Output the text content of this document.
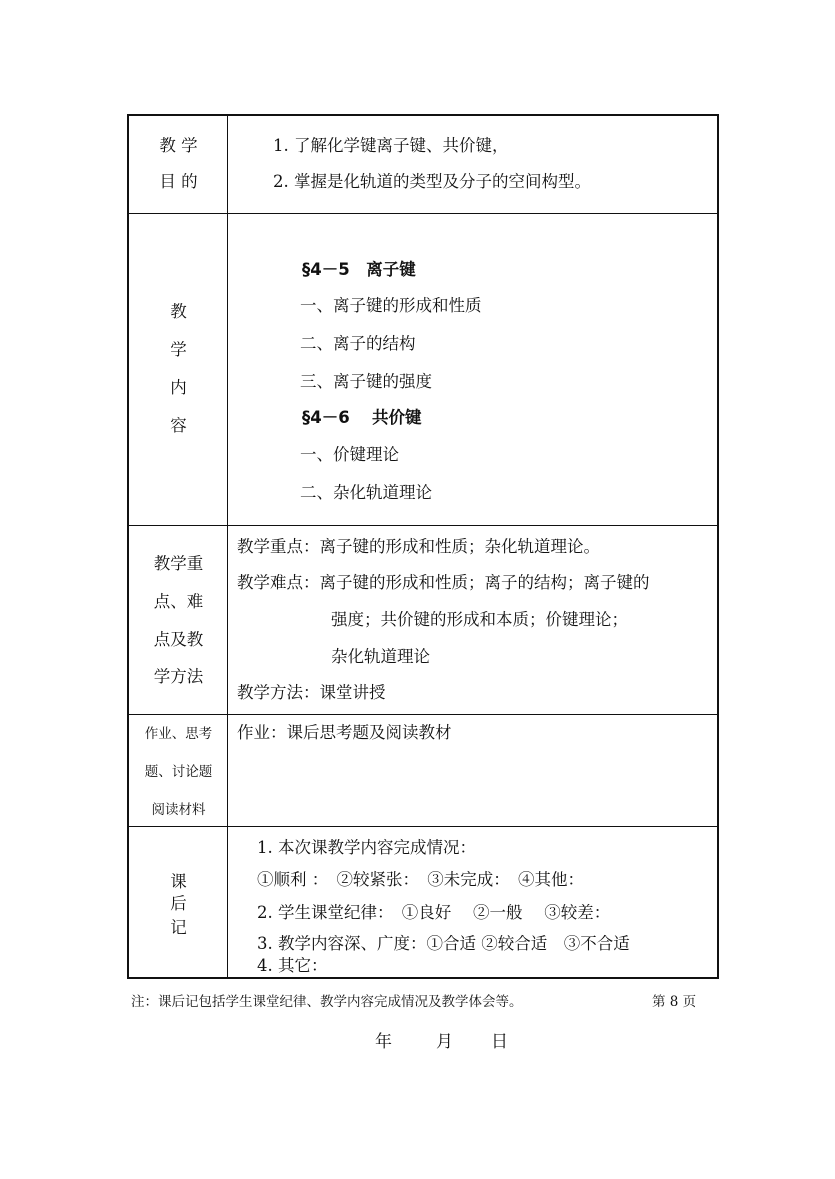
教 学
目 的
1. 了解化学键离子键、共价键，
2. 掌握是化轨道的类型及分子的空间构型。
教
学
内
容
§4－5　离子键
一、离子键的形成和性质
二、离子的结构
三、离子键的强度
§4－6　 共价键
一、价键理论
二、杂化轨道理论
教学重
点、难
点及教
学方法
教学重点：离子键的形成和性质；杂化轨道理论。
教学难点：离子键的形成和性质；离子的结构；离子键的
强度；共价键的形成和本质；价键理论；
杂化轨道理论
教学方法：课堂讲授
作业、思考
题、讨论题
阅读材料
作业：课后思考题及阅读教材
课
后
记
1. 本次课教学内容完成情况：
①顺利 ：　②较紧张：　③未完成：　④其他：
2. 学生课堂纪律：　①良好　 ②一般　 ③较差：
3. 教学内容深、广度：①合适 ②较合适　③不合适
4. 其它：
注：课后记包括学生课堂纪律、教学内容完成情况及教学体会等。	第 8 页
年	月 日
